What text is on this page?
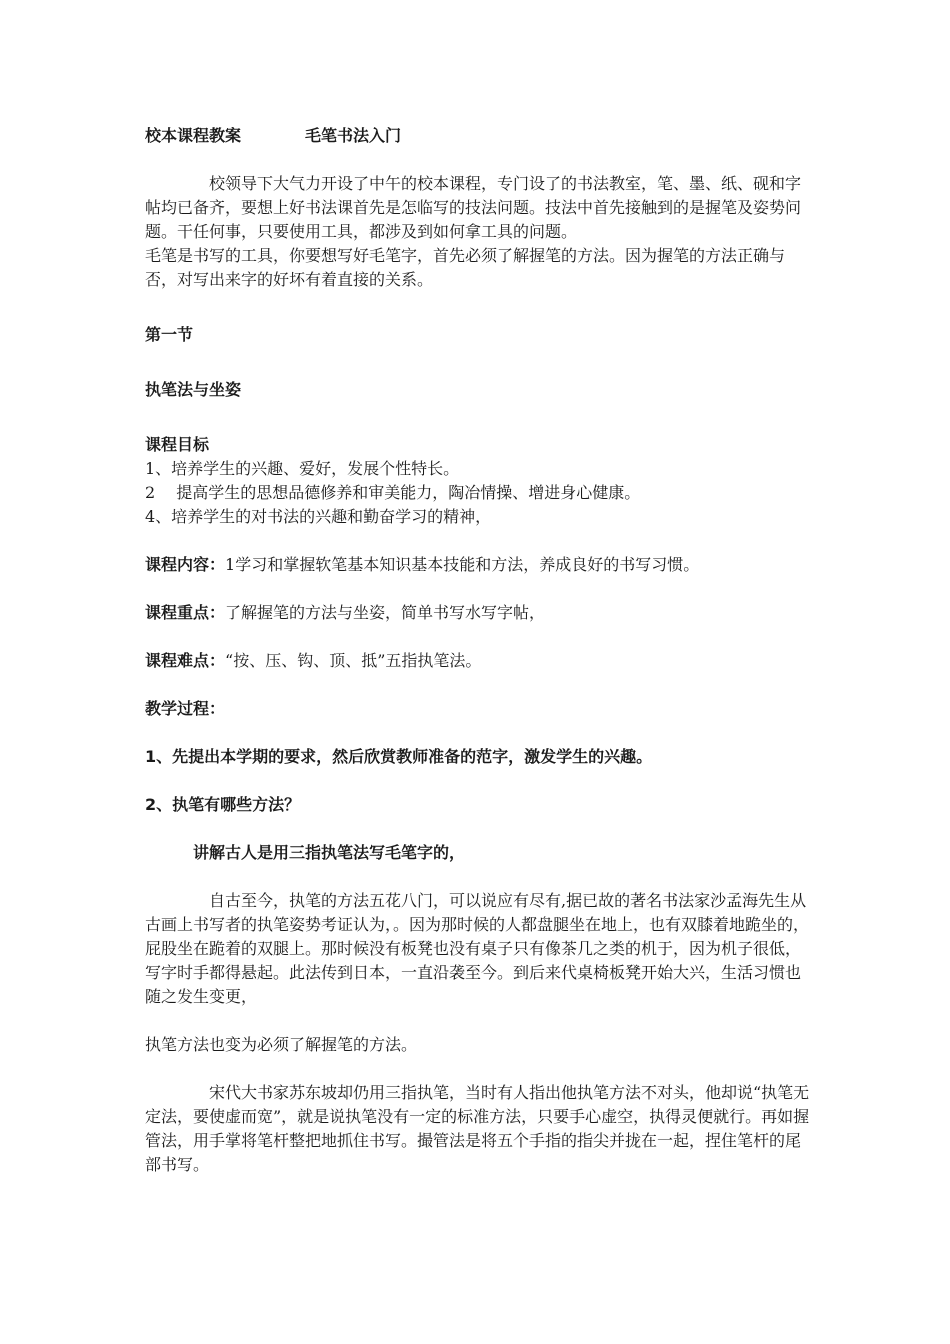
校本课程教案	毛笔书法入门

校领导下大气力开设了中午的校本课程，专门设了的书法教室，笔、墨、纸、砚和字帖均已备齐，要想上好书法课首先是怎临写的技法问题。技法中首先接触到的是握笔及姿势问题。干任何事，只要使用工具，都涉及到如何拿工具的问题。

毛笔是书写的工具，你要想写好毛笔字，首先必须了解握笔的方法。因为握笔的方法正确与否，对写出来字的好坏有着直接的关系。

第一节
执笔法与坐姿
课程目标

1、培养学生的兴趣、爱好，发展个性特长。

2　 提高学生的思想品德修养和审美能力，陶冶情操、增进身心健康。

4、培养学生的对书法的兴趣和勤奋学习的精神，

课程内容：1学习和掌握软笔基本知识基本技能和方法，养成良好的书写习惯。

课程重点：了解握笔的方法与坐姿，简单书写水写字帖，

课程难点：“按、压、钩、顶、抵”五指执笔法。

教学过程：
1、先提出本学期的要求，然后欣赏教师准备的范字，激发学生的兴趣。
2、执笔有哪些方法？
讲解古人是用三指执笔法写毛笔字的，

自古至今，执笔的方法五花八门，可以说应有尽有,据已故的著名书法家沙孟海先生从古画上书写者的执笔姿势考证认为，。因为那时候的人都盘腿坐在地上，也有双膝着地跪坐的，屁股坐在跪着的双腿上。那时候没有板凳也没有桌子只有像茶几之类的机于，因为机子很低，写字时手都得悬起。此法传到日本，一直沿袭至今。到后来代桌椅板凳开始大兴，生活习惯也随之发生变更，

执笔方法也变为必须了解握笔的方法。

宋代大书家苏东坡却仍用三指执笔，当时有人指出他执笔方法不对头，他却说“执笔无定法，要使虚而宽”，就是说执笔没有一定的标准方法，只要手心虚空，执得灵便就行。再如握管法，用手掌将笔杆整把地抓住书写。撮管法是将五个手指的指尖并拢在一起，捏住笔杆的尾部书写。
